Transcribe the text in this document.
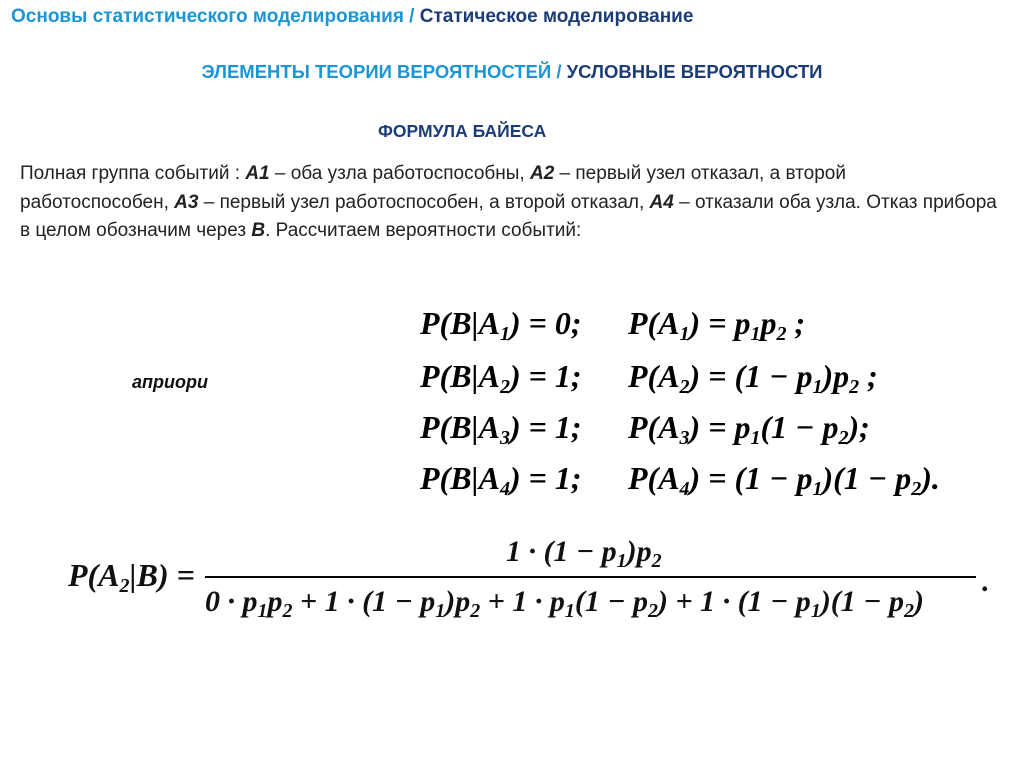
Основы статистического моделирования / Статическое моделирование
ЭЛЕМЕНТЫ ТЕОРИИ ВЕРОЯТНОСТЕЙ / УСЛОВНЫЕ ВЕРОЯТНОСТИ
ФОРМУЛА БАЙЕСА
Полная группа событий : А1 – оба узла работоспособны, А2 – первый узел отказал, а второй работоспособен, А3 – первый узел работоспособен, а второй отказал, А4 – отказали оба узла. Отказ прибора в целом обозначим через В. Рассчитаем вероятности событий:
априори
$P(B|A_1) = 0$;
$P(B|A_2) = 1$;
$P(B|A_3) = 1$;
$P(B|A_4) = 1$;
$P(A_1) = p_1p_2$ ;
$P(A_2) = (1 - p_1)p_2$ ;
$P(A_3) = p_1(1 - p_2)$;
$P(A_4) = (1 - p_1)(1 - p_2)$.
$P(A_2|B)$ =
$1 \cdot (1 - p_1)p_2$
$0 \cdot p_1p_2 + 1 \cdot (1 - p_1)p_2 + 1 \cdot p_1(1 - p_2) + 1 \cdot (1 - p_1)(1 - p_2)$
.
